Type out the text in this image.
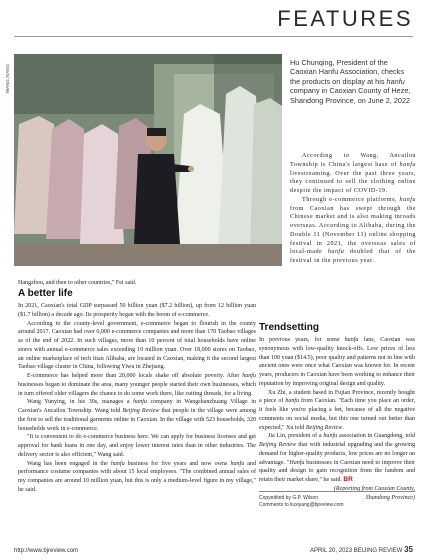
FEATURES
WANG XIANG
Hu Chunqing, President of the Caoxian Hanfu Association, checks the products on display at his hanfu company in Caoxian County of Heze, Shandong Province, on June 2, 2022

According to Wang, Ancailou Township is China's largest base of hanfu livestreaming. Over the past three years, they continued to sell the clothing online despite the impact of COVID-19.

Through e-commerce platforms, hanfu from Caoxian has swept through the Chinese market and is also making inroads overseas. According to Alibaba, during the Double 11 (November 11) online shopping festival in 2021, the overseas sales of local-made hanfu doubled that of the festival in the previous year.

Hangzhou, and then to other countries," Fei said.

A better life

In 2021, Caoxian's total GDP surpassed 50 billion yuan ($7.2 billion), up from 12 billion yuan ($1.7 billion) a decade ago. Its prosperity began with the boom of e-commerce.

According to the county-level government, e-commerce began to flourish in the county around 2017. Caoxian had over 6,000 e-commerce companies and more than 170 Taobao villages as of the end of 2022. In such villages, more than 10 percent of total households have online stores with annual e-commerce sales exceeding 10 million yuan. Over 18,000 stores on Taobao, an online marketplace of tech titan Alibaba, are located in Caoxian, making it the second largest Taobao village cluster in China, following Yiwu in Zhejiang.

E-commerce has helped more than 20,000 locals shake off absolute poverty. After hanfu businesses began to dominate the area, many younger people started their own businesses, which in turn offered older villagers the chance to do some work there, like cutting threads, for a living.

Wang Yunying, in his 30s, manages a hanfu company in Wangshanzhuang Village in Caoxian's Ancailou Township. Wang told Beijing Review that people in the village were among the first to sell the traditional garments online in Caoxian. In the village with 523 households, 320 households work in e-commerce.

"It is convenient to do e-commerce business here. We can apply for business licenses and get approval for bank loans in one day, and enjoy lower interest rates than in other industries. The delivery sector is also efficient," Wang said.

Wang has been engaged in the hanfu business for five years and now owns hanfu and performance costume companies with about 15 local employees. "The combined annual sales of my companies are around 10 million yuan, but this is only a medium-level figure in my village," he said.

Trendsetting

In previous years, for some hanfu fans, Caoxian was synonymous with low-quality knock-offs. Low prices of less than 100 yuan ($14.5), poor quality and patterns not in line with ancient ones were once what Caoxian was known for. In recent years, producers in Caoxian have been working to enhance their reputation by improving original design and quality.

Xu Zhi, a student based in Fujian Province, recently bought a piece of hanfu from Caoxian. "Each time you place an order, it feels like you're placing a bet, because of all the negative comments on social media, but this one turned out better than expected," Xu told Beijing Review.

Jia Lin, president of a hanfu association in Guangdong, told Beijing Review that with industrial upgrading and the growing demand for higher-quality products, low prices are no longer an advantage. "Hanfu businesses in Caoxian need to improve their quality and design to gain recognition from the fandom and retain their market share," he said. BR

(Reporting from Caoxian County,

Shandong Province)

Copyedited by G.P. Wilson
Comments to liuxiyang@bjreview.com
http://www.bjreview.com	APRIL 20, 2023 BEIJING REVIEW 35
